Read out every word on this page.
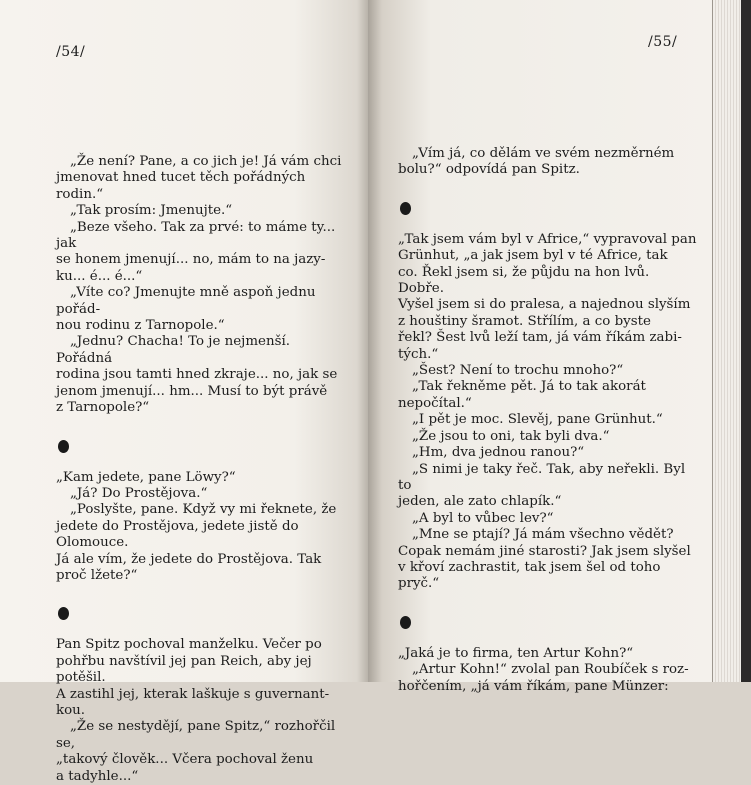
/54/

„Že není? Pane, a co jich je! Já vám chci

jmenovat hned tucet těch pořádných rodin.“

„Tak prosím: Jmenujte.“

„Beze všeho. Tak za prvé: to máme ty... jak

se honem jmenují... no, mám to na jazy-

ku... é... é...“

„Víte co? Jmenujte mně aspoň jednu pořád-

nou rodinu z Tarnopole.“

„Jednu? Chacha! To je nejmenší. Pořádná

rodina jsou tamti hned zkraje... no, jak se

jenom jmenují... hm... Musí to být právě

z Tarnopole?“

„Kam jedete, pane Löwy?“

„Já? Do Prostějova.“

„Poslyšte, pane. Když vy mi řeknete, že

jedete do Prostějova, jedete jistě do Olomouce.

Já ale vím, že jedete do Prostějova. Tak

proč lžete?“

Pan Spitz pochoval manželku. Večer po

pohřbu navštívil jej pan Reich, aby jej potěšil.

A zastihl jej, kterak laškuje s guvernant-

kou.

„Že se nestydějí, pane Spitz,“ rozhořčil se,

„takový člověk... Včera pochoval ženu

a tadyhle...“

/55/

„Vím já, co dělám ve svém nezměrném

bolu?“ odpovídá pan Spitz.

„Tak jsem vám byl v Africe,“ vypravoval pan

Grünhut, „a jak jsem byl v té Africe, tak

co. Řekl jsem si, že půjdu na hon lvů. Dobře.

Vyšel jsem si do pralesa, a najednou slyším

z houštiny šramot. Střílím, a co byste

řekl? Šest lvů leží tam, já vám říkám zabi-

tých.“

„Šest? Není to trochu mnoho?“

„Tak řekněme pět. Já to tak akorát

nepočítal.“

„I pět je moc. Slevěj, pane Grünhut.“

„Že jsou to oni, tak byli dva.“

„Hm, dva jednou ranou?“

„S nimi je taky řeč. Tak, aby neřekli. Byl to

jeden, ale zato chlapík.“

„A byl to vůbec lev?“

„Mne se ptají? Já mám všechno vědět?

Copak nemám jiné starosti? Jak jsem slyšel

v křoví zachrastit, tak jsem šel od toho

pryč.“

„Jaká je to firma, ten Artur Kohn?“

„Artur Kohn!“ zvolal pan Roubíček s roz-

hořčením, „já vám říkám, pane Münzer:
